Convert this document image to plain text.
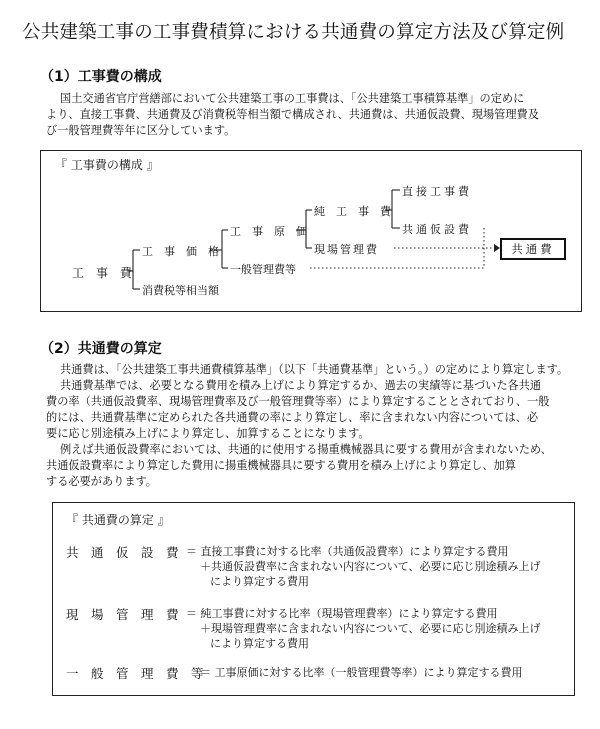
公共建築工事の工事費積算における共通費の算定方法及び算定例
（1）工事費の構成
国土交通省官庁営繕部において公共建築工事の工事費は、「公共建築工事積算基準」の定めに
より、直接工事費、共通費及び消費税等相当額で構成され、共通費は、共通仮設費、現場管理費及
び一般管理費等年に区分しています。
『 工事費の構成 』
工　事　費
工　事　価　格
消費税等相当額
工　事　原　価
一般管理費等
純　工　事　費
現場管理費
直接工事費
共通仮設費
共通費
（2）共通費の算定
共通費は、「公共建築工事共通費積算基準」（以下「共通費基準」という。）の定めにより算定します。
共通費基準では、必要となる費用を積み上げにより算定するか、過去の実績等に基づいた各共通
費の率（共通仮設費率、現場管理費率及び一般管理費等率）により算定することとされており、一般
的には、共通費基準に定められた各共通費の率により算定し、率に含まれない内容については、必
要に応じ別途積み上げにより算定し、加算することになります。
例えば共通仮設費率においては、共通的に使用する揚重機械器具に要する費用が含まれないため、
共通仮設費率により算定した費用に揚重機械器具に要する費用を積み上げにより算定し、加算
する必要があります。
『 共通費の算定 』
共　通　仮　設　費 ＝ 直接工事費に対する比率（共通仮設費率）により算定する費用
＋共通仮設費率に含まれない内容について、必要に応じ別途積み上げ
により算定する費用
現　場　管　理　費 ＝ 純工事費に対する比率（現場管理費率）により算定する費用
＋現場管理費率に含まれない内容について、必要に応じ別途積み上げ
により算定する費用
一　般　管　理　費　等
＝ 工事原価に対する比率（一般管理費等率）により算定する費用
